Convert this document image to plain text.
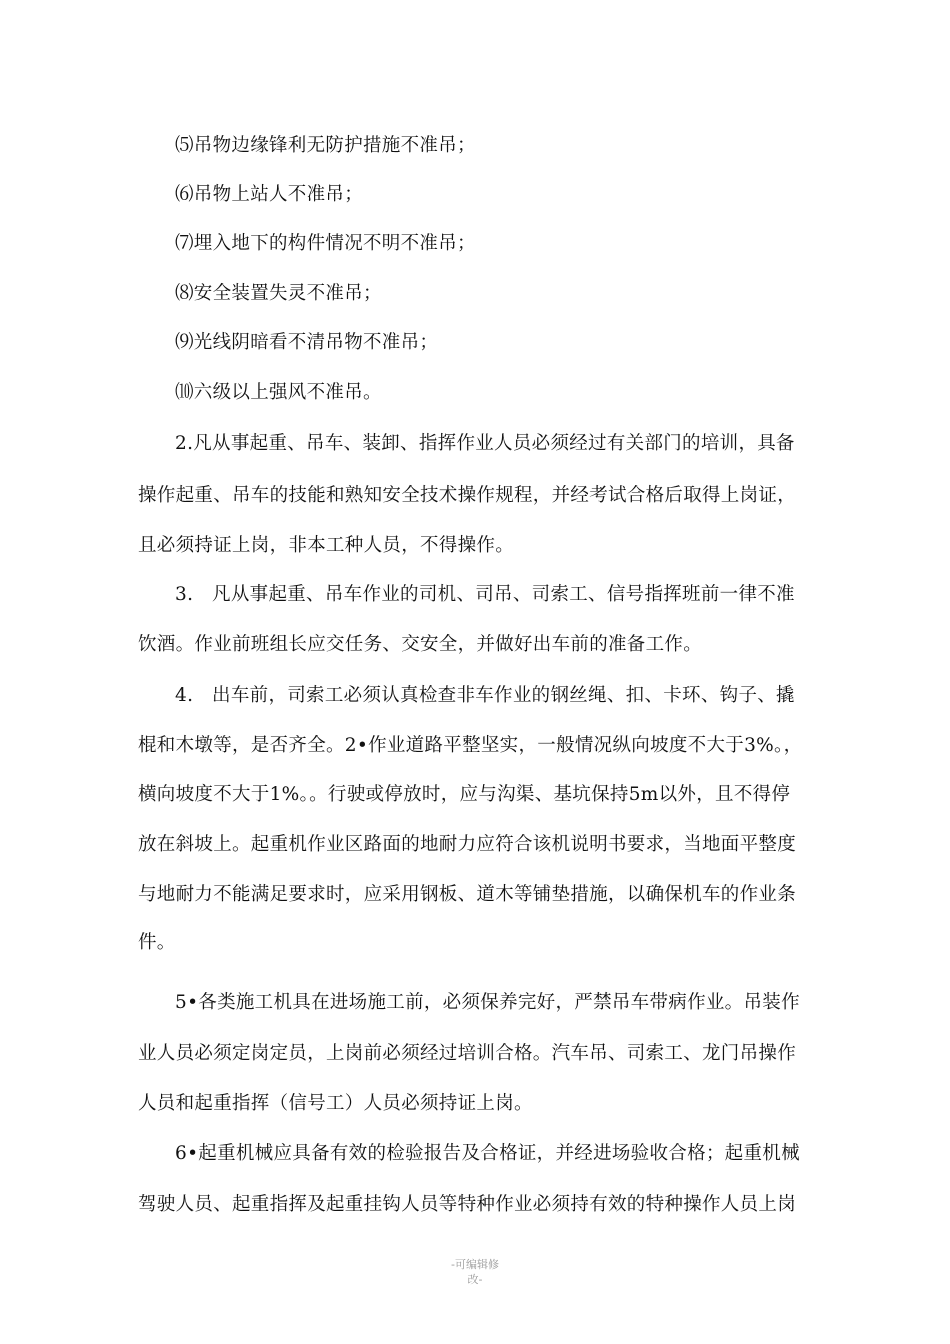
⑸吊物边缘锋利无防护措施不准吊；
⑹吊物上站人不准吊；
⑺埋入地下的构件情况不明不准吊；
⑻安全装置失灵不准吊；
⑼光线阴暗看不清吊物不准吊；
⑽六级以上强风不准吊。
2.凡从事起重、吊车、装卸、指挥作业人员必须经过有关部门的培训，具备
操作起重、吊车的技能和熟知安全技术操作规程，并经考试合格后取得上岗证，
且必须持证上岗，非本工种人员，不得操作。
3.　凡从事起重、吊车作业的司机、司吊、司索工、信号指挥班前一律不准
饮酒。作业前班组长应交任务、交安全，并做好出车前的准备工作。
4.　出车前，司索工必须认真检查非车作业的钢丝绳、扣、卡环、钩子、撬
棍和木墩等，是否齐全。2•作业道路平整坚实，一般情况纵向坡度不大于3%。，
横向坡度不大于1%。。行驶或停放时，应与沟渠、基坑保持5m以外，且不得停
放在斜坡上。起重机作业区路面的地耐力应符合该机说明书要求，当地面平整度
与地耐力不能满足要求时，应采用钢板、道木等铺垫措施，以确保机车的作业条
件。
5•各类施工机具在进场施工前，必须保养完好，严禁吊车带病作业。吊装作
业人员必须定岗定员，上岗前必须经过培训合格。汽车吊、司索工、龙门吊操作
人员和起重指挥（信号工）人员必须持证上岗。
6•起重机械应具备有效的检验报告及合格证，并经进场验收合格；起重机械
驾驶人员、起重指挥及起重挂钩人员等特种作业必须持有效的特种操作人员上岗
-可编辑修
改-
